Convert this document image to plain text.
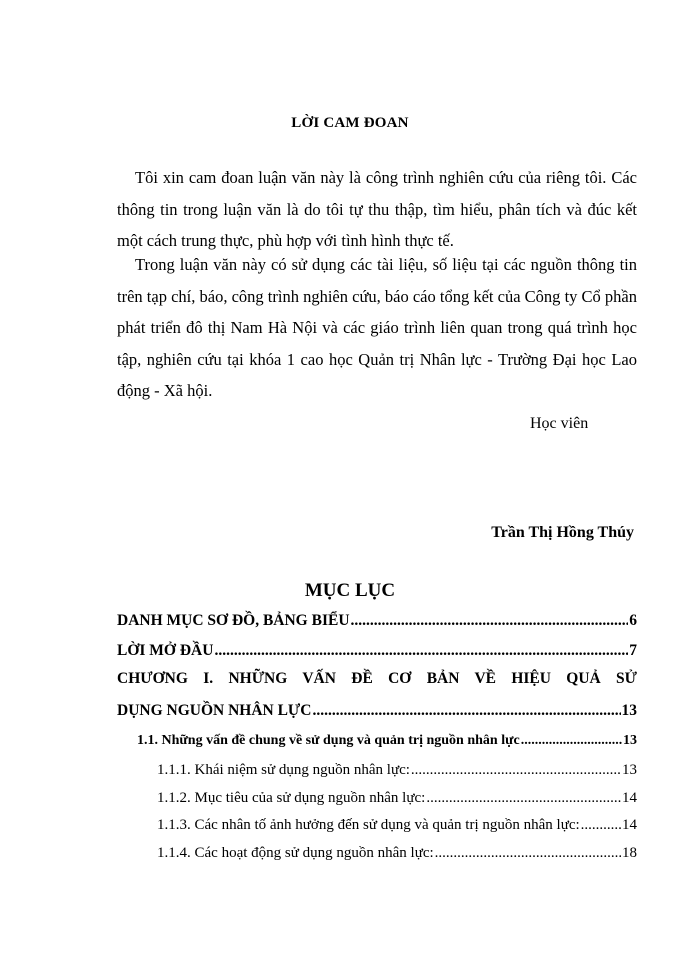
LỜI CAM ĐOAN
Tôi xin cam đoan luận văn này là công trình nghiên cứu của riêng tôi. Các thông tin trong luận văn là do tôi tự thu thập, tìm hiểu, phân tích và đúc kết một cách trung thực, phù hợp với tình hình thực tế.
Trong luận văn này có sử dụng các tài liệu, số liệu tại các nguồn thông tin trên tạp chí, báo, công trình nghiên cứu, báo cáo tổng kết của Công ty Cổ phần phát triển đô thị Nam Hà Nội và các giáo trình liên quan trong quá trình học tập, nghiên cứu tại khóa 1 cao học Quản trị Nhân lực - Trường Đại học Lao động - Xã hội.
Học viên
Trần Thị Hồng Thúy
MỤC LỤC
DANH MỤC SƠ ĐỒ, BẢNG BIỂU .....	6
LỜI MỞ ĐẦU .....	7
CHƯƠNG I. NHỮNG VẤN ĐỀ CƠ BẢN VỀ HIỆU QUẢ SỬ
DỤNG NGUỒN NHÂN LỰC .....	13
1.1. Những vấn đề chung về sử dụng và quản trị nguồn nhân lực .....	13
1.1.1. Khái niệm sử dụng nguồn nhân lực: .....	13
1.1.2. Mục tiêu của sử dụng nguồn nhân lực: .....	14
1.1.3. Các nhân tố ảnh hưởng đến sử dụng và quản trị nguồn nhân lực: .....	14
1.1.4. Các hoạt động sử dụng nguồn nhân lực: .....	18
